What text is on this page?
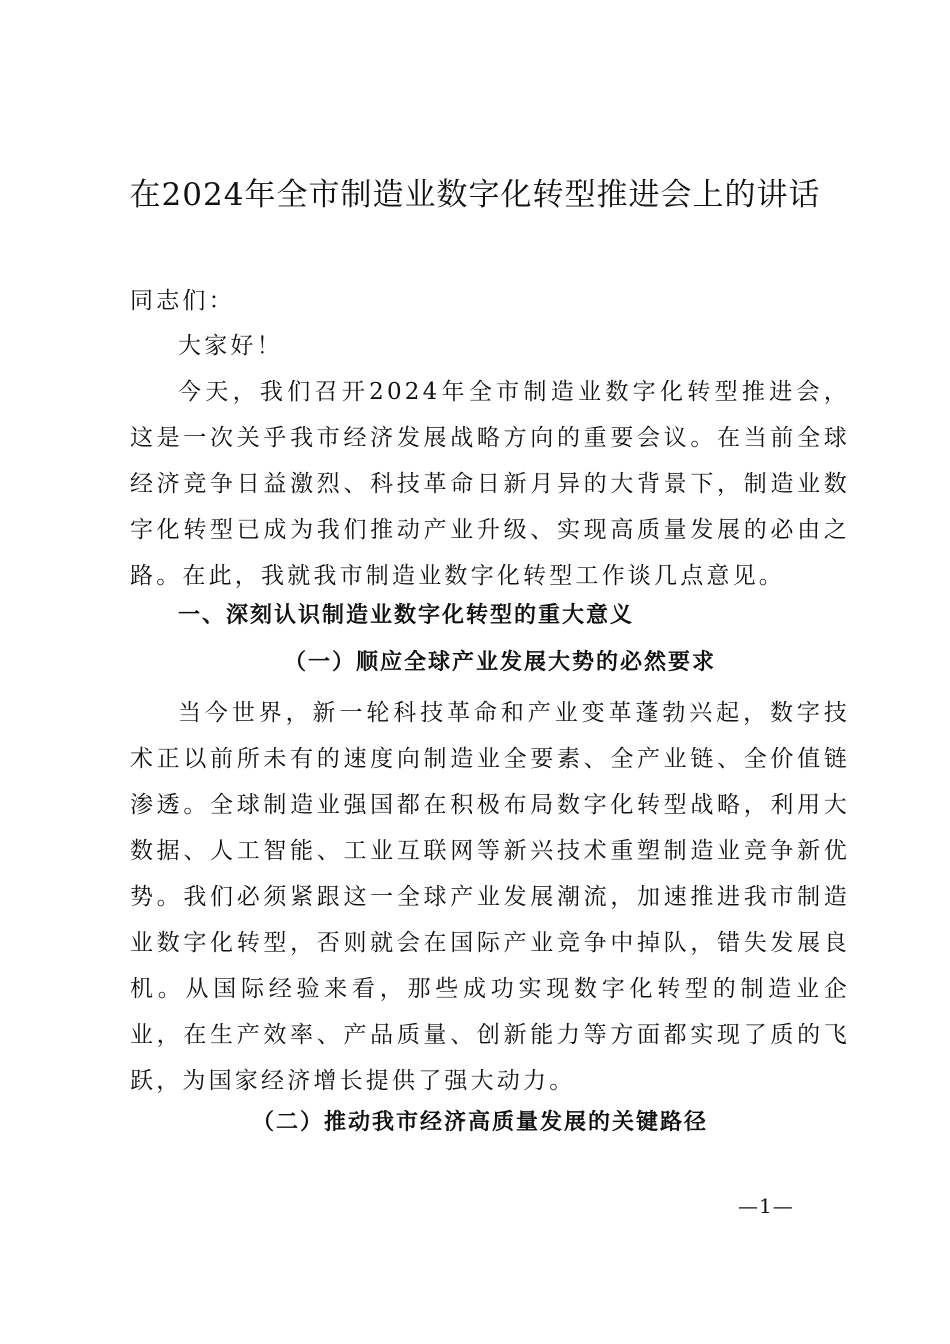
在2024年全市制造业数字化转型推进会上的讲话

同志们：

大家好！

今天，我们召开2024年全市制造业数字化转型推进会，这是一次关乎我市经济发展战略方向的重要会议。在当前全球经济竞争日益激烈、科技革命日新月异的大背景下，制造业数字化转型已成为我们推动产业升级、实现高质量发展的必由之路。在此，我就我市制造业数字化转型工作谈几点意见。

一、深刻认识制造业数字化转型的重大意义
（一）顺应全球产业发展大势的必然要求

当今世界，新一轮科技革命和产业变革蓬勃兴起，数字技术正以前所未有的速度向制造业全要素、全产业链、全价值链渗透。全球制造业强国都在积极布局数字化转型战略，利用大数据、人工智能、工业互联网等新兴技术重塑制造业竞争新优势。我们必须紧跟这一全球产业发展潮流，加速推进我市制造业数字化转型，否则就会在国际产业竞争中掉队，错失发展良机。从国际经验来看，那些成功实现数字化转型的制造业企业，在生产效率、产品质量、创新能力等方面都实现了质的飞跃，为国家经济增长提供了强大动力。

（二）推动我市经济高质量发展的关键路径
—1—
